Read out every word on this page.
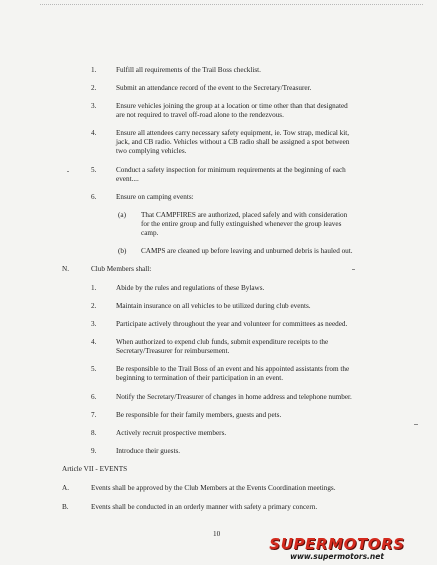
1.	Fulfill all requirements of the Trail Boss checklist.
2.	Submit an attendance record of the event to the Secretary/Treasurer.
3.	Ensure vehicles joining the group at a location or time other than that designated
are not required to travel off-road alone to the rendezvous.
4.	Ensure all attendees carry necessary safety equipment, ie. Tow strap, medical kit,
jack, and CB radio. Vehicles without a CB radio shall be assigned a spot between
two complying vehicles.
5.	Conduct a safety inspection for minimum requirements at the beginning of each
event....
6.	Ensure on camping events:
(a) That CAMPFIRES are authorized, placed safely and with consideration
for the entire group and fully extinguished whenever the group leaves
camp.
(b) CAMPS are cleaned up before leaving and unburned debris is hauled out.
N.	Club Members shall:
1.	Abide by the rules and regulations of these Bylaws.
2.	Maintain insurance on all vehicles to be utilized during club events.
3.	Participate actively throughout the year and volunteer for committees as needed.
4.	When authorized to expend club funds, submit expenditure receipts to the
Secretary/Treasurer for reimbursement.
5.	Be responsible to the Trail Boss of an event and his appointed assistants from the
beginning to termination of their participation in an event.
6.	Notify the Secretary/Treasurer of changes in home address and telephone number.
7.	Be responsible for their family members, guests and pets.
8.	Actively recruit prospective members.
9.	Introduce their guests.
Article VII - EVENTS
A.	Events shall be approved by the Club Members at the Events Coordination meetings.
B.	Events shall be conducted in an orderly manner with safety a primary concern.
10
SUPERMOTORS
www.supermotors.net
